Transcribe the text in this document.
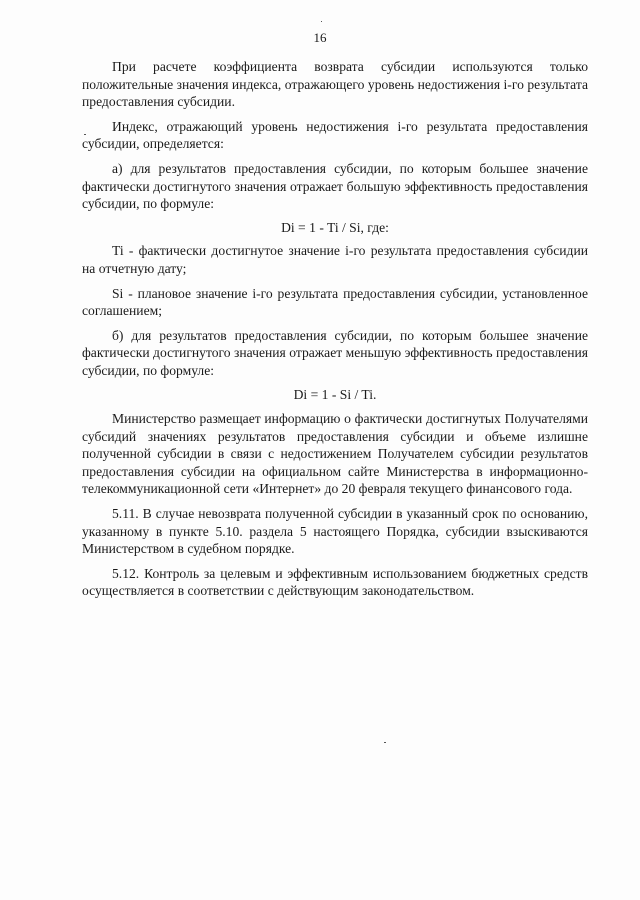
16

При расчете коэффициента возврата субсидии используются только положительные значения индекса, отражающего уровень недостижения i-го результата предоставления субсидии.

Индекс, отражающий уровень недостижения i-го результата предоставления субсидии, определяется:

а) для результатов предоставления субсидии, по которым большее значение фактически достигнутого значения отражает большую эффективность предоставления субсидии, по формуле:

Di = 1 - Ti / Si, где:

Ti - фактически достигнутое значение i-го результата предоставления субсидии на отчетную дату;

Si - плановое значение i-го результата предоставления субсидии, установленное соглашением;

б) для результатов предоставления субсидии, по которым большее значение фактически достигнутого значения отражает меньшую эффективность предоставления субсидии, по формуле:

Di = 1 - Si / Ti.

Министерство размещает информацию о фактически достигнутых Получателями субсидий значениях результатов предоставления субсидии и объеме излишне полученной субсидии в связи с недостижением Получателем субсидии результатов предоставления субсидии на официальном сайте Министерства в информационно-телекоммуникационной сети «Интернет» до 20 февраля текущего финансового года.

5.11. В случае невозврата полученной субсидии в указанный срок по основанию, указанному в пункте 5.10. раздела 5 настоящего Порядка, субсидии взыскиваются Министерством в судебном порядке.

5.12. Контроль за целевым и эффективным использованием бюджетных средств осуществляется в соответствии с действующим законодательством.
